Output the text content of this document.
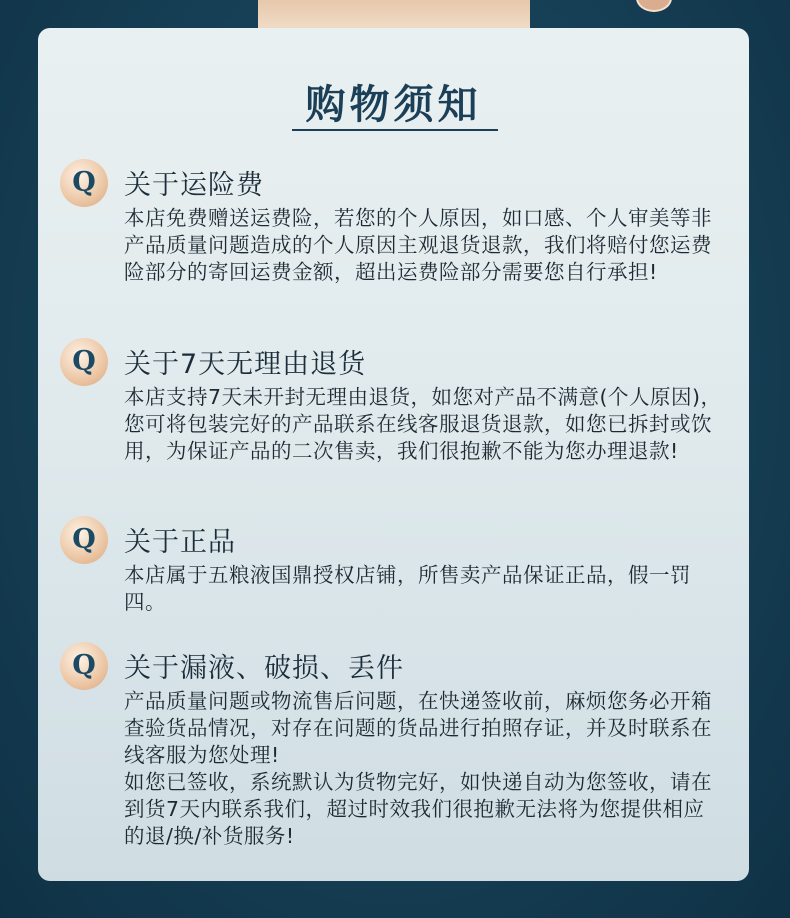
购物须知
Q	关于运险费

本店免费赠送运费险，若您的个人原因，如口感、个人审美等非产品质量问题造成的个人原因主观退货退款，我们将赔付您运费险部分的寄回运费金额，超出运费险部分需要您自行承担!

Q	关于7天无理由退货

本店支持7天未开封无理由退货，如您对产品不满意(个人原因)，您可将包装完好的产品联系在线客服退货退款，如您已拆封或饮用，为保证产品的二次售卖，我们很抱歉不能为您办理退款!

Q	关于正品

本店属于五粮液国鼎授权店铺，所售卖产品保证正品，假一罚四。

Q	关于漏液、破损、丢件

产品质量问题或物流售后问题，在快递签收前，麻烦您务必开箱查验货品情况，对存在问题的货品进行拍照存证，并及时联系在线客服为您处理!

如您已签收，系统默认为货物完好，如快递自动为您签收，请在到货7天内联系我们，超过时效我们很抱歉无法将为您提供相应的退/换/补货服务!
